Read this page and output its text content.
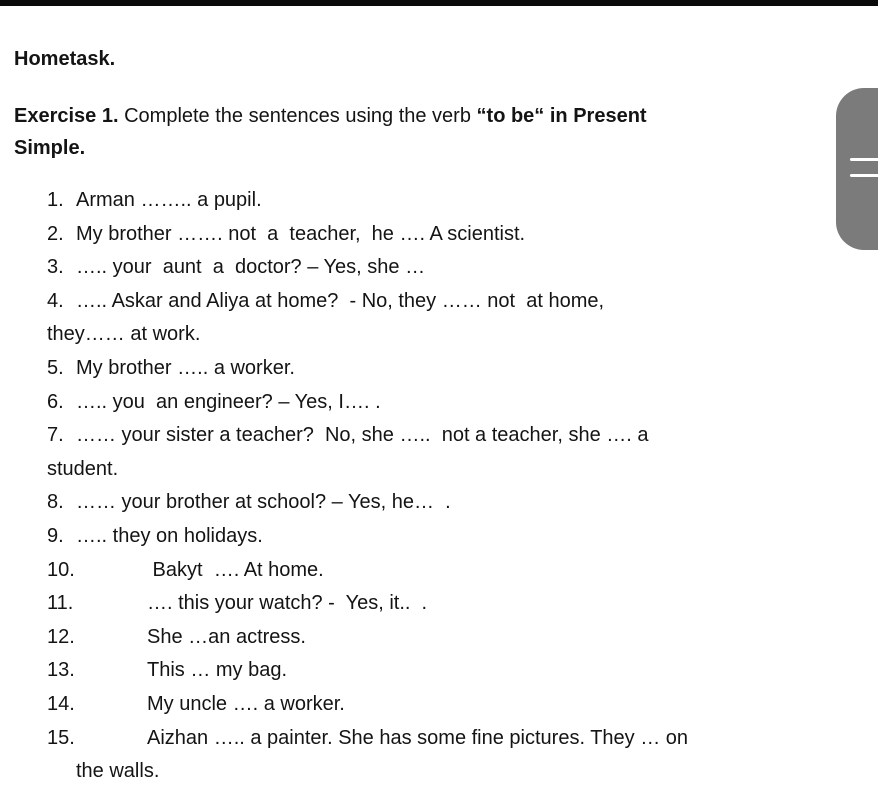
Hometask.
Exercise 1. Complete the sentences using the verb “to be“ in Present
Simple.
1. Arman …….. a pupil.
2. My brother ……. not  a  teacher,  he …. A scientist.
3. ….. your  aunt  a  doctor? – Yes, she …
4. ….. Askar and Aliya at home?  - No, they …… not  at home,
they…… at work.
5. My brother ….. a worker.
6. ….. you  an engineer? – Yes, I…. .
7. …… your sister a teacher?  No, she …..  not a teacher, she …. a
student.
8. …… your brother at school? – Yes, he…  .
9. ….. they on holidays.
10.	Bakyt  …. At home.
11.	…. this your watch? -  Yes, it..  .
12.	She …an actress.
13.	This … my bag.
14.	My uncle …. a worker.
15.	Aizhan ….. a painter. She has some fine pictures. They … on
the walls.
